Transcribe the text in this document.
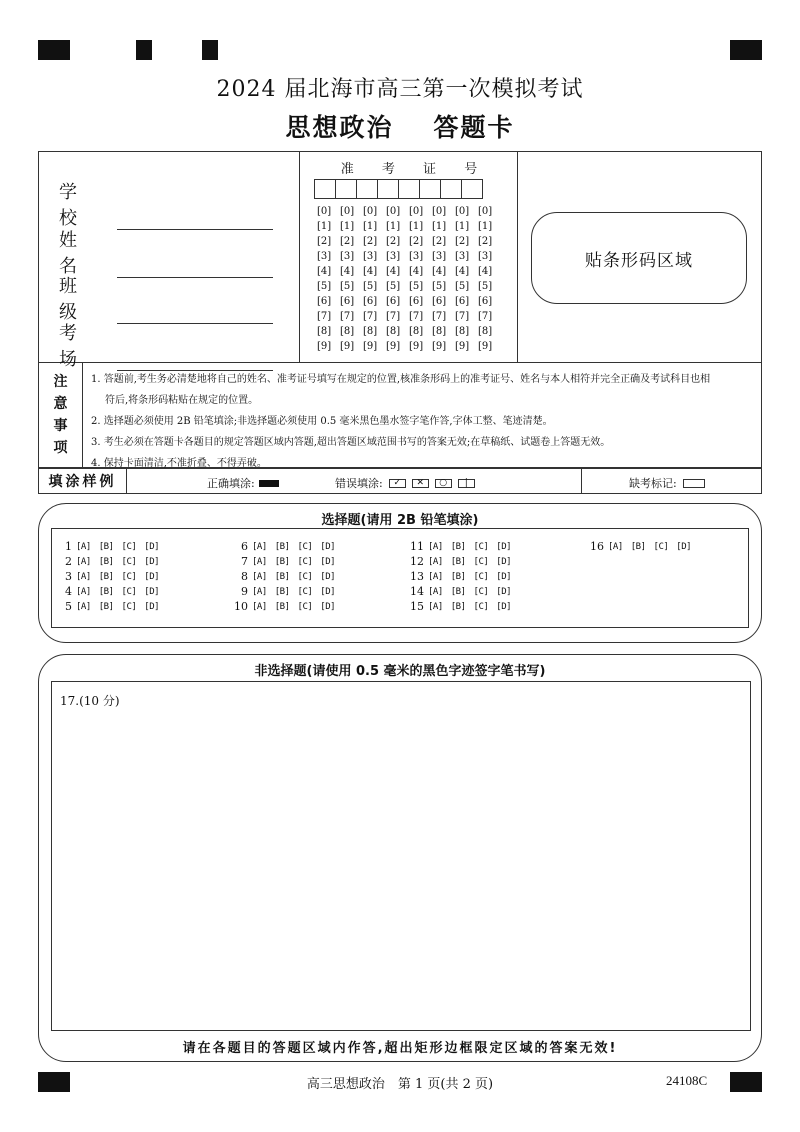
2024 届北海市高三第一次模拟考试
思想政治 答题卡
学 校
姓 名
班 级
考 场
准 考 证 号
[0] [0] [0] [0] [0] [0] [0] [0]
[1] [1] [1] [1] [1] [1] [1] [1]
[2] [2] [2] [2] [2] [2] [2] [2]
[3] [3] [3] [3] [3] [3] [3] [3]
[4] [4] [4] [4] [4] [4] [4] [4]
[5] [5] [5] [5] [5] [5] [5] [5]
[6] [6] [6] [6] [6] [6] [6] [6]
[7] [7] [7] [7] [7] [7] [7] [7]
[8] [8] [8] [8] [8] [8] [8] [8]
[9] [9] [9] [9] [9] [9] [9] [9]
贴条形码区域
注
意
事
项

1. 答题前,考生务必清楚地将自己的姓名、准考证号填写在规定的位置,核准条形码上的准考证号、姓名与本人相符并完全正确及考试科目也相

符后,将条形码粘贴在规定的位置。

2. 选择题必须使用 2B 铅笔填涂;非选择题必须使用 0.5 毫米黑色墨水签字笔作答,字体工整、笔迹清楚。

3. 考生必须在答题卡各题目的规定答题区域内答题,超出答题区域范围书写的答案无效;在草稿纸、试题卷上答题无效。

4. 保持卡面清洁,不准折叠、不得弄破。

填涂样例	正确填涂:	错误填涂:	✓	✕	○	|	缺考标记:
选择题(请用 2B 铅笔填涂)
1 [A] [B] [C] [D]
2 [A] [B] [C] [D]
3 [A] [B] [C] [D]
4 [A] [B] [C] [D]
5 [A] [B] [C] [D]
6 [A] [B] [C] [D]
7 [A] [B] [C] [D]
8 [A] [B] [C] [D]
9 [A] [B] [C] [D]
10 [A] [B] [C] [D]
11 [A] [B] [C] [D]
12 [A] [B] [C] [D]
13 [A] [B] [C] [D]
14 [A] [B] [C] [D]
15 [A] [B] [C] [D]
16 [A] [B] [C] [D]
非选择题(请使用 0.5 毫米的黑色字迹签字笔书写)
17.(10 分)
请在各题目的答题区域内作答,超出矩形边框限定区域的答案无效!
高三思想政治　第 1 页(共 2 页)	24108C
